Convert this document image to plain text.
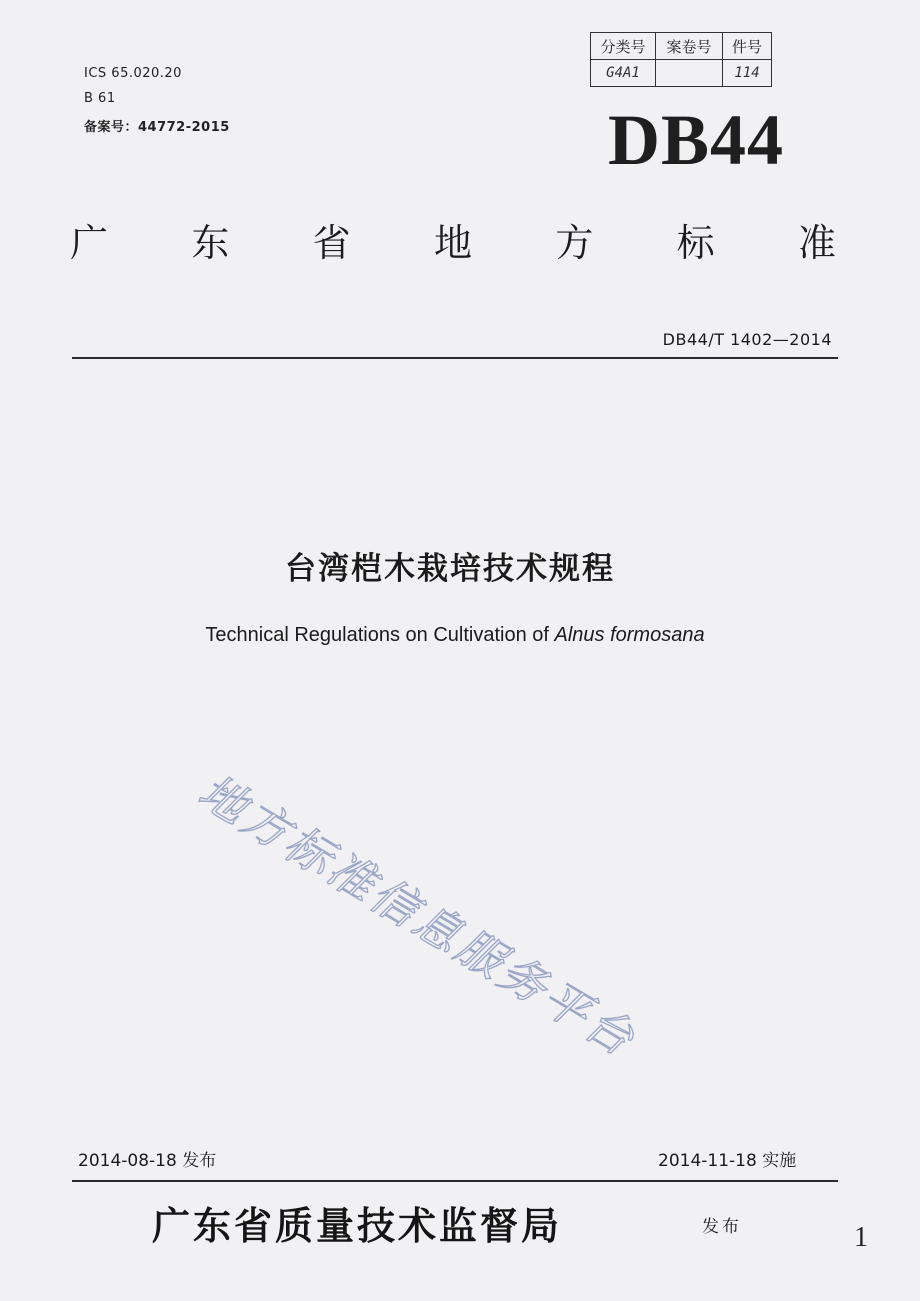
ICS 65.020.20
B 61
备案号：44772-2015
分类号	案卷号	件号
G4A1		114
DB44
广 东 省 地 方 标 准
DB44/T 1402—2014
台湾桤木栽培技术规程
Technical Regulations on Cultivation of Alnus formosana
地方标准信息服务平台
2014-08-18 发布	2014-11-18 实施
广东省质量技术监督局	发布	1
